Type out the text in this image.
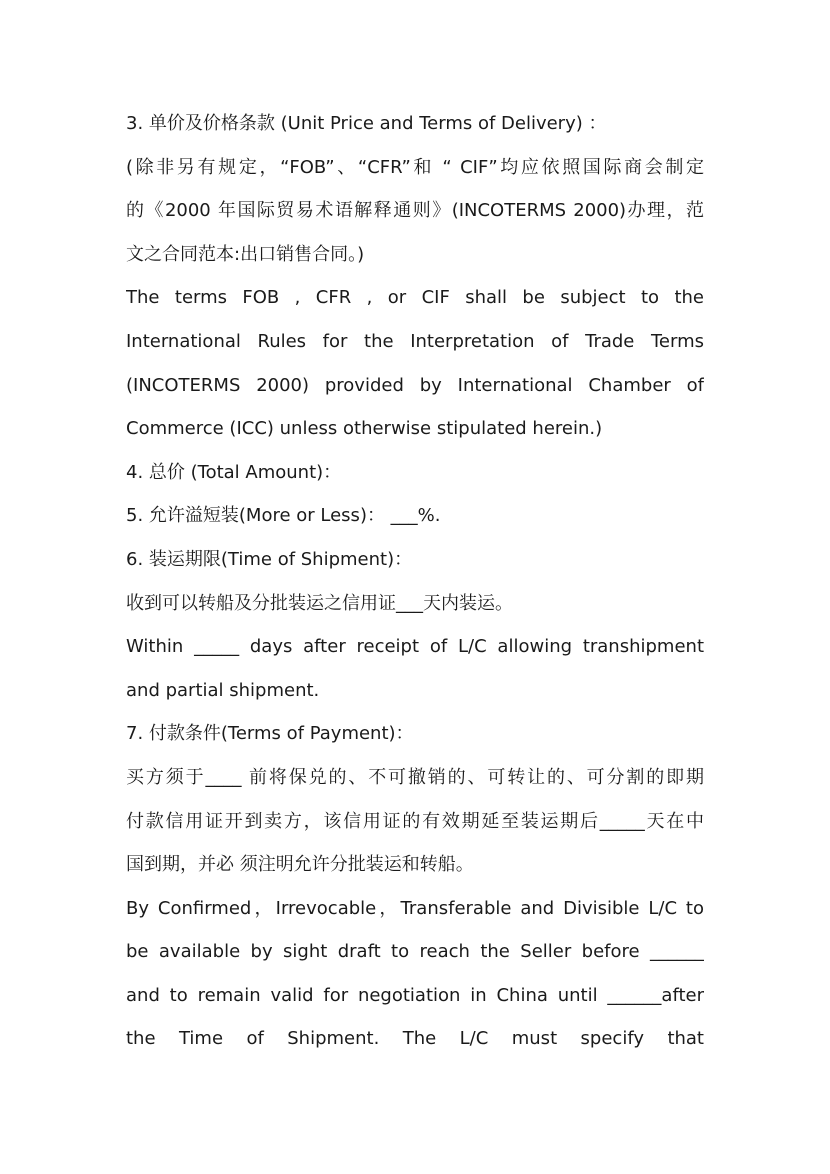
3. 单价及价格条款 (Unit Price and Terms of Delivery) ：
(除非另有规定，“FOB”、“CFR”和 “ CIF”均应依照国际商会制定
的《2000 年国际贸易术语解释通则》(INCOTERMS 2000)办理，范
文之合同范本:出口销售合同。)
The terms FOB , CFR , or CIF shall be subject to the
International Rules for the Interpretation of Trade Terms
(INCOTERMS 2000) provided by International Chamber of
Commerce (ICC) unless otherwise stipulated herein.)
4. 总价 (Total Amount)：
5. 允许溢短装(More or Less)： ___%.
6. 装运期限(Time of Shipment)：
收到可以转船及分批装运之信用证___天内装运。
Within _____ days after receipt of L/C allowing transhipment
and partial shipment.
7. 付款条件(Terms of Payment)：
买方须于____ 前将保兑的、不可撤销的、可转让的、可分割的即期
付款信用证开到卖方，该信用证的有效期延至装运期后_____天在中
国到期，并必 须注明允许分批装运和转船。
By Confirmed，Irrevocable，Transferable and Divisible L/C to
be available by sight draft to reach the Seller before ______
and to remain valid for negotiation in China until ______after
the Time of Shipment. The L/C must specify that
